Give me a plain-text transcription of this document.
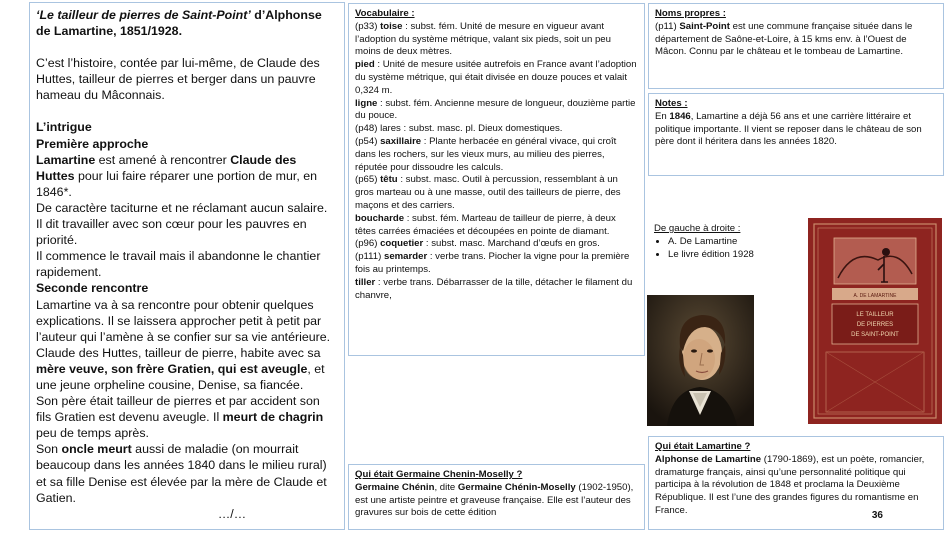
‘Le tailleur de pierres de Saint-Point’ d’Alphonse de Lamartine, 1851/1928.

C’est l’histoire, contée par lui-même, de Claude des Huttes, tailleur de pierres et berger dans un pauvre hameau du Mâconnais.

L’intrigue

Première approche

Lamartine est amené à rencontrer Claude des Huttes pour lui faire réparer une portion de mur, en 1846*.

De caractère taciturne et ne réclamant aucun salaire.

Il dit travailler avec son cœur pour les pauvres en priorité.

Il commence le travail mais il abandonne le chantier rapidement.

Seconde rencontre

Lamartine va à sa rencontre pour obtenir quelques explications. Il se laissera approcher petit à petit par l’auteur qui l’amène à se confier sur sa vie antérieure.

Claude des Huttes, tailleur de pierre, habite avec sa mère veuve, son frère Gratien, qui est aveugle, et une jeune orpheline cousine, Denise, sa fiancée.

Son père était tailleur de pierres et par accident son fils Gratien est devenu aveugle. Il meurt de chagrin peu de temps après.

Son oncle meurt aussi de maladie (on mourrait beaucoup dans les années 1840 dans le milieu rural) et sa fille Denise est élevée par la mère de Claude et Gatien.

…/…

Vocabulaire :

(p33) toise : subst. fém. Unité de mesure en vigueur avant l’adoption du système métrique, valant six pieds, soit un peu moins de deux mètres.

pied : Unité de mesure usitée autrefois en France avant l’adoption du système métrique, qui était divisée en douze pouces et valait 0,324 m.

ligne : subst. fém. Ancienne mesure de longueur, douzième partie du pouce.

(p48) lares : subst. masc. pl. Dieux domestiques.

(p54) saxillaire : Plante herbacée en général vivace, qui croît dans les rochers, sur les vieux murs, au milieu des pierres, réputée pour dissoudre les calculs.

(p65) têtu : subst. masc. Outil à percussion, ressemblant à un gros marteau ou à une masse, outil des tailleurs de pierre, des maçons et des carriers.

boucharde : subst. fém. Marteau de tailleur de pierre, à deux têtes carrées émaciées et découpées en pointe de diamant.

(p96) coquetier : subst. masc. Marchand d’œufs en gros.

(p111) semarder : verbe trans. Piocher la vigne pour la première fois au printemps.

tiller : verbe trans. Débarrasser de la tille, détacher le filament du chanvre,

Qui était Germaine Chenin-Moselly ?

Germaine Chénin, dite Germaine Chénin-Moselly (1902-1950), est une artiste peintre et graveuse française. Elle est l’auteur des gravures sur bois de cette édition

Noms propres :

(p11) Saint-Point est une commune française située dans le département de Saône-et-Loire, à 15 kms env. à l’Ouest de Mâcon. Connu par le château et le tombeau de Lamartine.

Notes :

En 1846, Lamartine a déjà 56 ans et une carrière littéraire et politique importante. Il vient se reposer dans le château de son père dont il héritera dans les années 1820.

De gauche à droite :
• A. De Lamartine
• Le livre édition 1928
A. DE LAMARTINE
LE TAILLEUR
DE PIERRES
DE SAINT-POINT

Qui était Lamartine ?

Alphonse de Lamartine (1790-1869), est un poète, romancier, dramaturge français, ainsi qu’une personnalité politique qui participa à la révolution de 1848 et proclama la Deuxième République. Il est l’une des grandes figures du romantisme en France.	36
